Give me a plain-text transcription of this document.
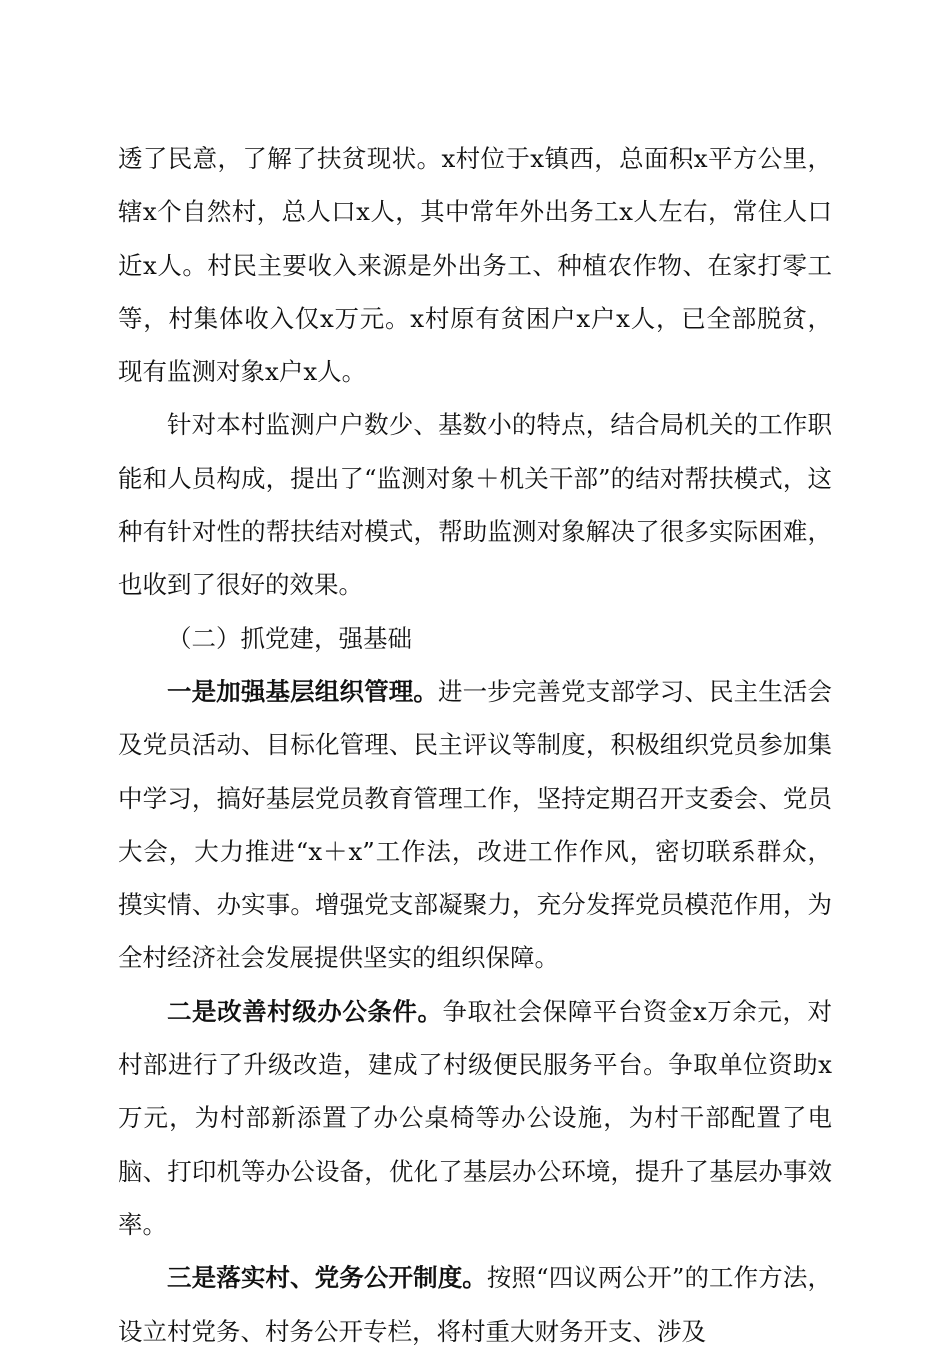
透了民意，了解了扶贫现状。x村位于x镇西，总面积x平方公里，辖x个自然村，总人口x人，其中常年外出务工x人左右，常住人口近x人。村民主要收入来源是外出务工、种植农作物、在家打零工等，村集体收入仅x万元。x村原有贫困户x户x人，已全部脱贫，现有监测对象x户x人。

针对本村监测户户数少、基数小的特点，结合局机关的工作职能和人员构成，提出了“监测对象＋机关干部”的结对帮扶模式，这种有针对性的帮扶结对模式，帮助监测对象解决了很多实际困难，也收到了很好的效果。

（二）抓党建，强基础

一是加强基层组织管理。进一步完善党支部学习、民主生活会及党员活动、目标化管理、民主评议等制度，积极组织党员参加集中学习，搞好基层党员教育管理工作，坚持定期召开支委会、党员大会，大力推进“x＋x”工作法，改进工作作风，密切联系群众，摸实情、办实事。增强党支部凝聚力，充分发挥党员模范作用，为全村经济社会发展提供坚实的组织保障。

二是改善村级办公条件。争取社会保障平台资金x万余元，对村部进行了升级改造，建成了村级便民服务平台。争取单位资助x万元，为村部新添置了办公桌椅等办公设施，为村干部配置了电脑、打印机等办公设备，优化了基层办公环境，提升了基层办事效率。

三是落实村、党务公开制度。按照“四议两公开”的工作方法，设立村党务、村务公开专栏，将村重大财务开支、涉及
